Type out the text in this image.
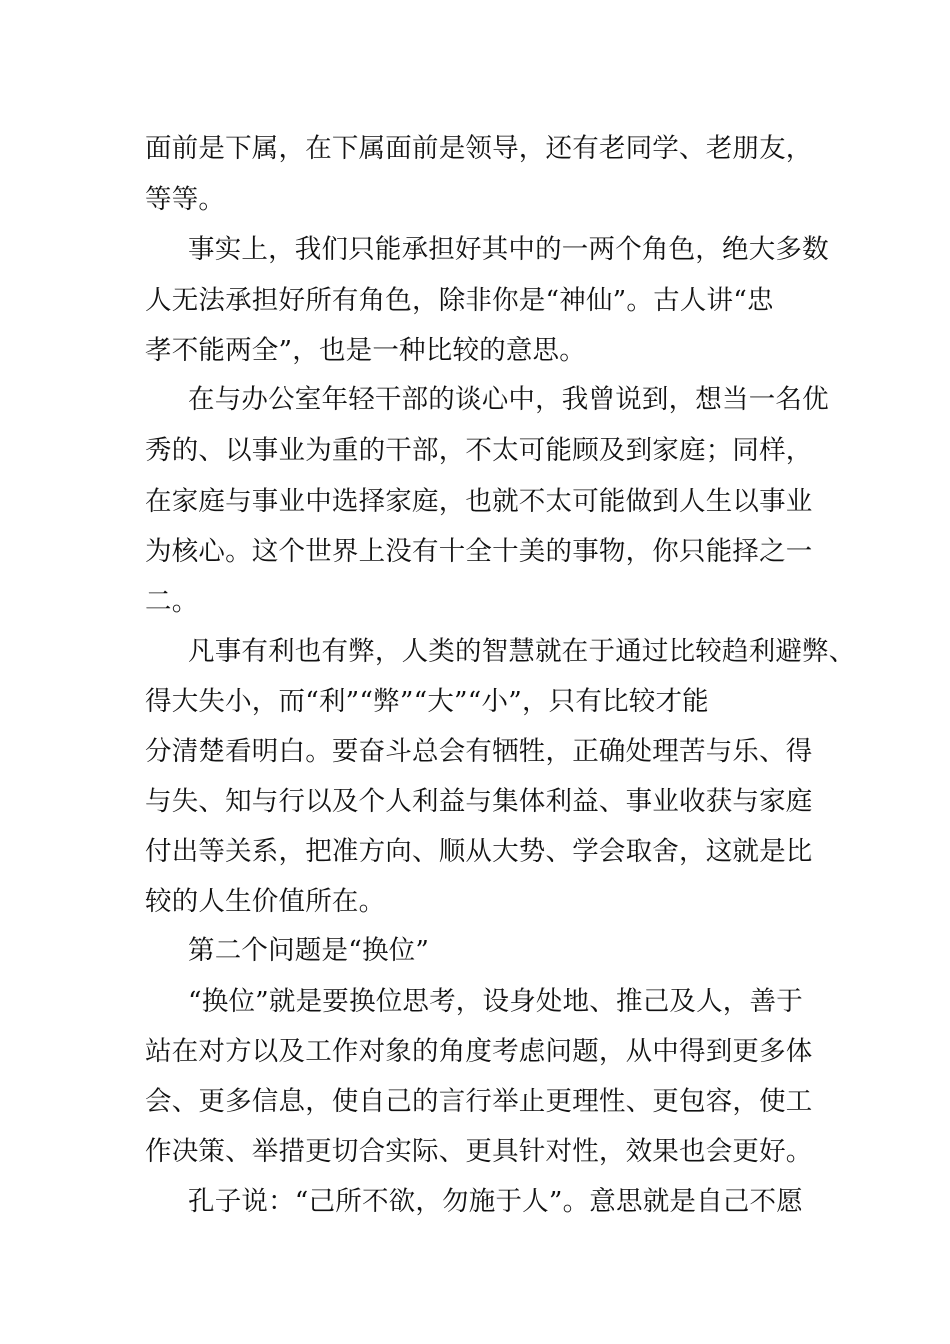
面前是下属，在下属面前是领导，还有老同学、老朋友，
等等。
事实上，我们只能承担好其中的一两个角色，绝大多数
人无法承担好所有角色，除非你是“神仙”。古人讲“忠
孝不能两全”，也是一种比较的意思。
在与办公室年轻干部的谈心中，我曾说到，想当一名优
秀的、以事业为重的干部，不太可能顾及到家庭；同样，
在家庭与事业中选择家庭，也就不太可能做到人生以事业
为核心。这个世界上没有十全十美的事物，你只能择之一
二。
凡事有利也有弊，人类的智慧就在于通过比较趋利避弊、
得大失小，而“利”“弊”“大”“小”，只有比较才能
分清楚看明白。要奋斗总会有牺牲，正确处理苦与乐、得
与失、知与行以及个人利益与集体利益、事业收获与家庭
付出等关系，把准方向、顺从大势、学会取舍，这就是比
较的人生价值所在。
第二个问题是“换位”
“换位”就是要换位思考，设身处地、推己及人，善于
站在对方以及工作对象的角度考虑问题，从中得到更多体
会、更多信息，使自己的言行举止更理性、更包容，使工
作决策、举措更切合实际、更具针对性，效果也会更好。
孔子说：“己所不欲，勿施于人”。意思就是自己不愿
